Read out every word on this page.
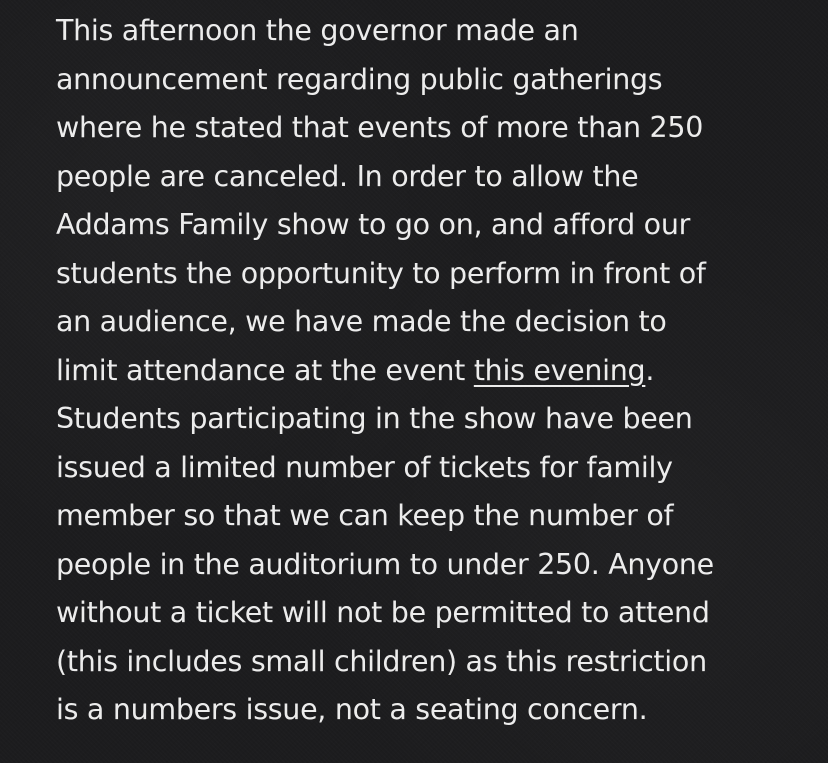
This afternoon the governor made an
announcement regarding public gatherings
where he stated that events of more than 250
people are canceled. In order to allow the
Addams Family show to go on, and afford our
students the opportunity to perform in front of
an audience, we have made the decision to
limit attendance at the event this evening.
Students participating in the show have been
issued a limited number of tickets for family
member so that we can keep the number of
people in the auditorium to under 250. Anyone
without a ticket will not be permitted to attend
(this includes small children) as this restriction
is a numbers issue, not a seating concern.
